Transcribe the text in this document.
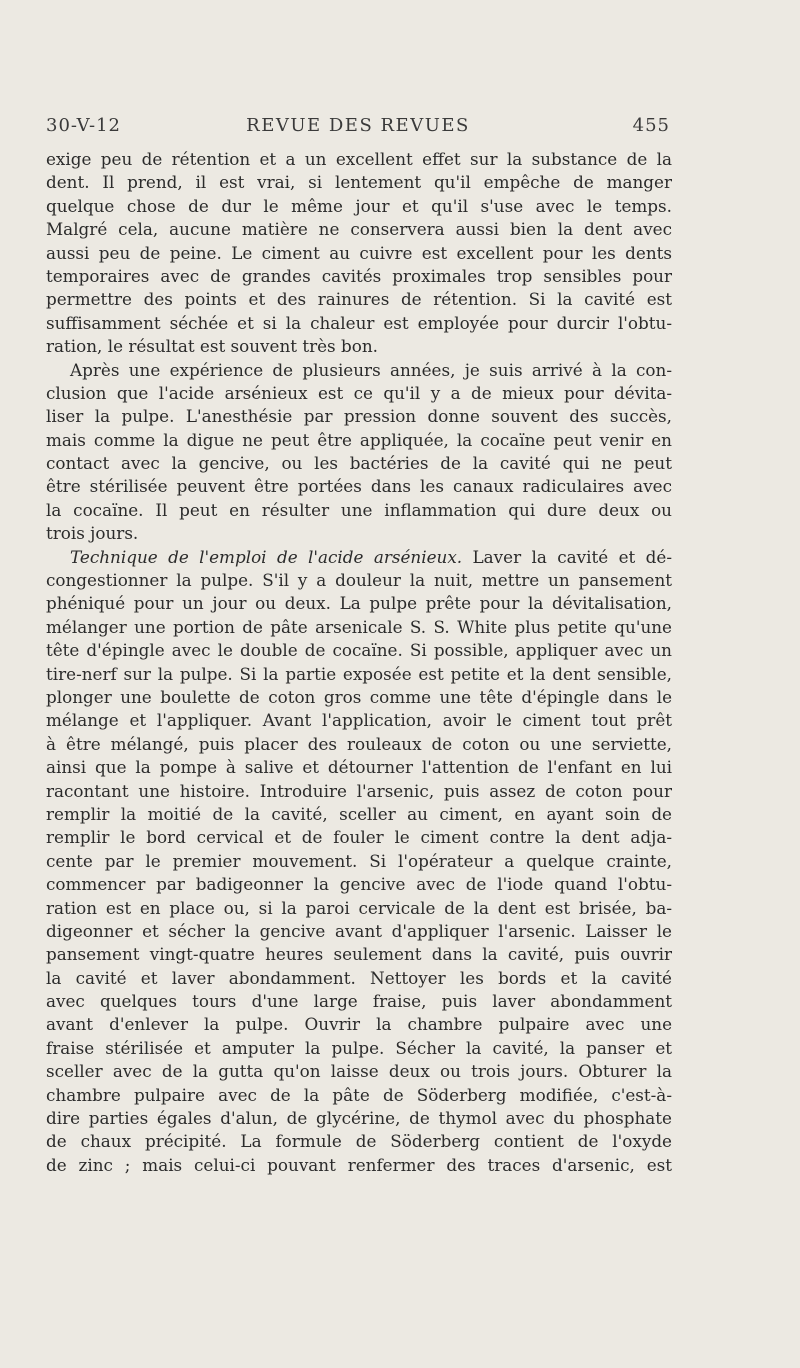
30-V-12	REVUE DES REVUES	455
exige peu de rétention et a un excellent effet sur la substance de la
dent. Il prend, il est vrai, si lentement qu'il empêche de manger
quelque chose de dur le même jour et qu'il s'use avec le temps.
Malgré cela, aucune matière ne conservera aussi bien la dent avec
aussi peu de peine. Le ciment au cuivre est excellent pour les dents
temporaires avec de grandes cavités proximales trop sensibles pour
permettre des points et des rainures de rétention. Si la cavité est
suffisamment séchée et si la chaleur est employée pour durcir l'obtu-
ration, le résultat est souvent très bon.
Après une expérience de plusieurs années, je suis arrivé à la con-
clusion que l'acide arsénieux est ce qu'il y a de mieux pour dévita-
liser la pulpe. L'anesthésie par pression donne souvent des succès,
mais comme la digue ne peut être appliquée, la cocaïne peut venir en
contact avec la gencive, ou les bactéries de la cavité qui ne peut
être stérilisée peuvent être portées dans les canaux radiculaires avec
la cocaïne. Il peut en résulter une inflammation qui dure deux ou
trois jours.
Technique de l'emploi de l'acide arsénieux. Laver la cavité et dé-
congestionner la pulpe. S'il y a douleur la nuit, mettre un pansement
phéniqué pour un jour ou deux. La pulpe prête pour la dévitalisation,
mélanger une portion de pâte arsenicale S. S. White plus petite qu'une
tête d'épingle avec le double de cocaïne. Si possible, appliquer avec un
tire-nerf sur la pulpe. Si la partie exposée est petite et la dent sensible,
plonger une boulette de coton gros comme une tête d'épingle dans le
mélange et l'appliquer. Avant l'application, avoir le ciment tout prêt
à être mélangé, puis placer des rouleaux de coton ou une serviette,
ainsi que la pompe à salive et détourner l'attention de l'enfant en lui
racontant une histoire. Introduire l'arsenic, puis assez de coton pour
remplir la moitié de la cavité, sceller au ciment, en ayant soin de
remplir le bord cervical et de fouler le ciment contre la dent adja-
cente par le premier mouvement. Si l'opérateur a quelque crainte,
commencer par badigeonner la gencive avec de l'iode quand l'obtu-
ration est en place ou, si la paroi cervicale de la dent est brisée, ba-
digeonner et sécher la gencive avant d'appliquer l'arsenic. Laisser le
pansement vingt-quatre heures seulement dans la cavité, puis ouvrir
la cavité et laver abondamment. Nettoyer les bords et la cavité
avec quelques tours d'une large fraise, puis laver abondamment
avant d'enlever la pulpe. Ouvrir la chambre pulpaire avec une
fraise stérilisée et amputer la pulpe. Sécher la cavité, la panser et
sceller avec de la gutta qu'on laisse deux ou trois jours. Obturer la
chambre pulpaire avec de la pâte de Söderberg modifiée, c'est-à-
dire parties égales d'alun, de glycérine, de thymol avec du phosphate
de chaux précipité. La formule de Söderberg contient de l'oxyde
de zinc ; mais celui-ci pouvant renfermer des traces d'arsenic, est
